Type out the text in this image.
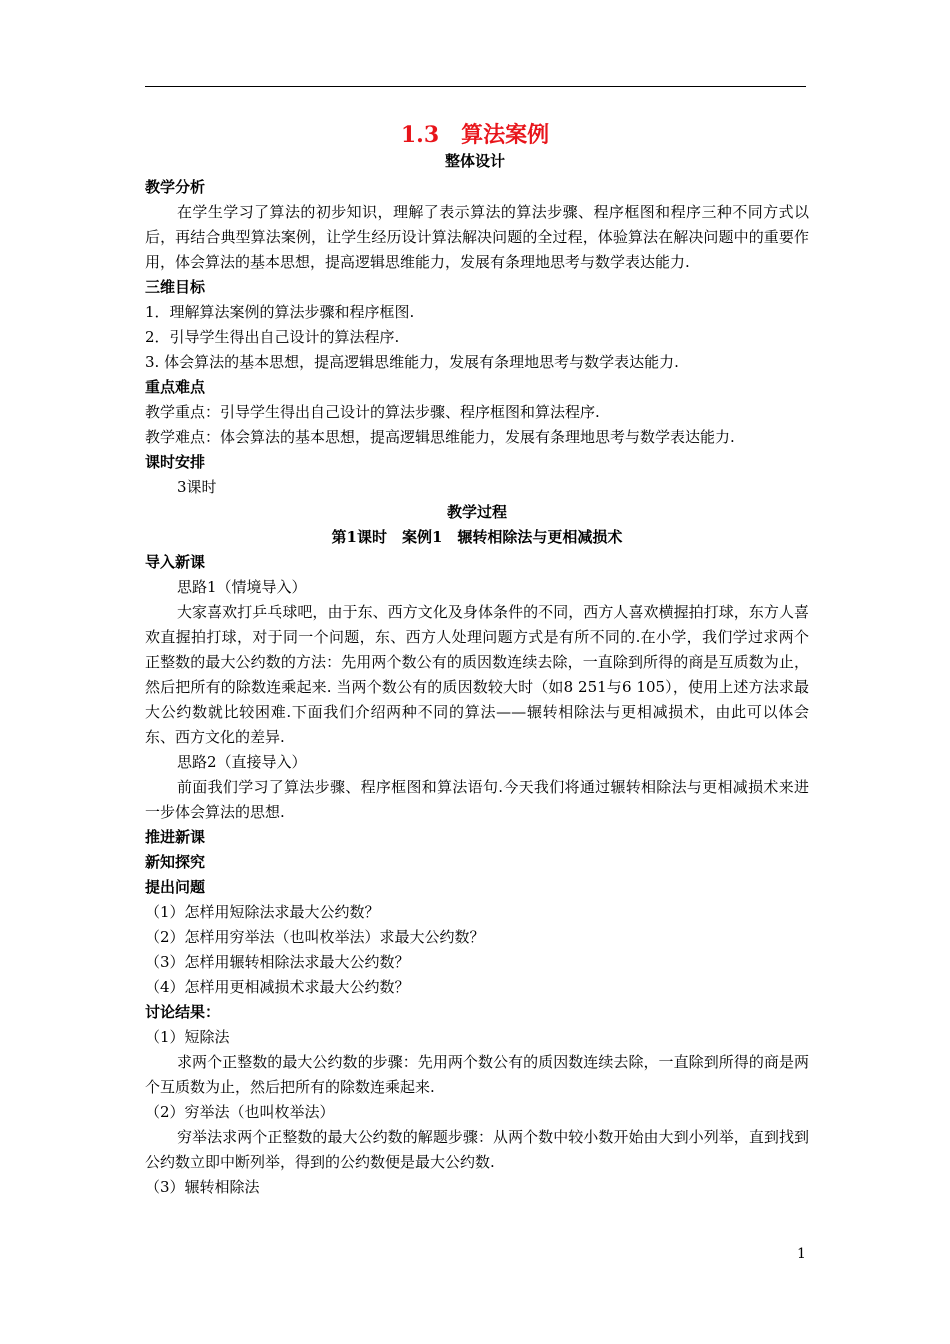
1.3　算法案例
整体设计

教学分析

在学生学习了算法的初步知识，理解了表示算法的算法步骤、程序框图和程序三种不同方式以后，再结合典型算法案例，让学生经历设计算法解决问题的全过程，体验算法在解决问题中的重要作用，体会算法的基本思想，提高逻辑思维能力，发展有条理地思考与数学表达能力.

三维目标

1．理解算法案例的算法步骤和程序框图.

2．引导学生得出自己设计的算法程序.

3. 体会算法的基本思想，提高逻辑思维能力，发展有条理地思考与数学表达能力.

重点难点

教学重点：引导学生得出自己设计的算法步骤、程序框图和算法程序.

教学难点：体会算法的基本思想，提高逻辑思维能力，发展有条理地思考与数学表达能力.

课时安排

3课时

教学过程

第1课时　案例1　辗转相除法与更相减损术

导入新课

思路1（情境导入）

大家喜欢打乒乓球吧，由于东、西方文化及身体条件的不同，西方人喜欢横握拍打球，东方人喜欢直握拍打球，对于同一个问题，东、西方人处理问题方式是有所不同的.在小学，我们学过求两个正整数的最大公约数的方法：先用两个数公有的质因数连续去除，一直除到所得的商是互质数为止，然后把所有的除数连乘起来. 当两个数公有的质因数较大时（如8 251与6 105），使用上述方法求最大公约数就比较困难.下面我们介绍两种不同的算法——辗转相除法与更相减损术，由此可以体会东、西方文化的差异.

思路2（直接导入）

前面我们学习了算法步骤、程序框图和算法语句.今天我们将通过辗转相除法与更相减损术来进一步体会算法的思想.

推进新课

新知探究

提出问题

（1）怎样用短除法求最大公约数？

（2）怎样用穷举法（也叫枚举法）求最大公约数？

（3）怎样用辗转相除法求最大公约数？

（4）怎样用更相减损术求最大公约数？

讨论结果：

（1）短除法

求两个正整数的最大公约数的步骤：先用两个数公有的质因数连续去除，一直除到所得的商是两个互质数为止，然后把所有的除数连乘起来.

（2）穷举法（也叫枚举法）

穷举法求两个正整数的最大公约数的解题步骤：从两个数中较小数开始由大到小列举，直到找到公约数立即中断列举，得到的公约数便是最大公约数.

（3）辗转相除法

1
